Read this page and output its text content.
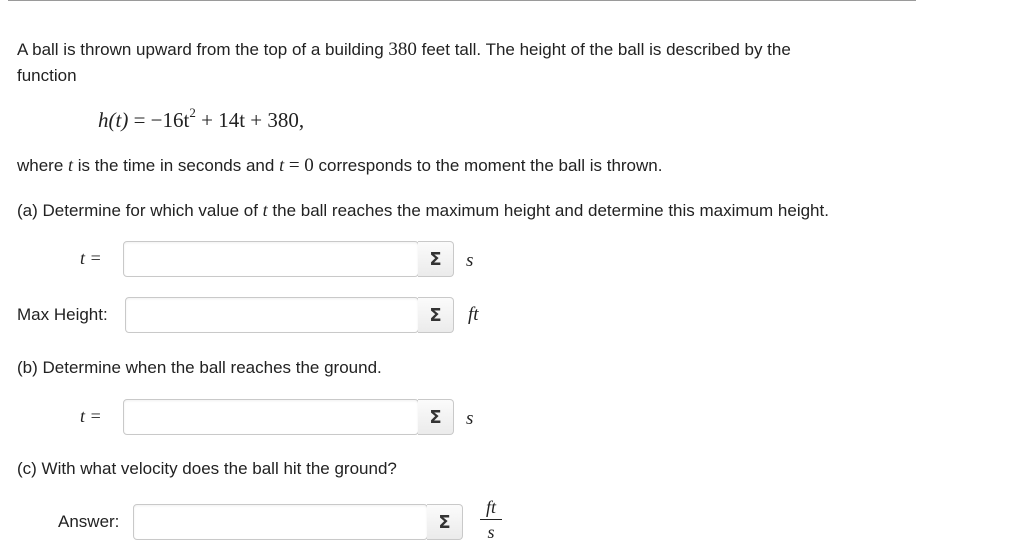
A ball is thrown upward from the top of a building 380 feet tall. The height of the ball is described by the
function
$h(t) = -16t^2 + 14t + 380$,
where t is the time in seconds and t = 0 corresponds to the moment the ball is thrown.
(a) Determine for which value of t the ball reaches the maximum height and determine this maximum height.
t =	Σ s
Max Height:	Σ ft
(b) Determine when the ball reaches the ground.
t =	Σ s
(c) With what velocity does the ball hit the ground?
Answer:	Σ
ft
s
